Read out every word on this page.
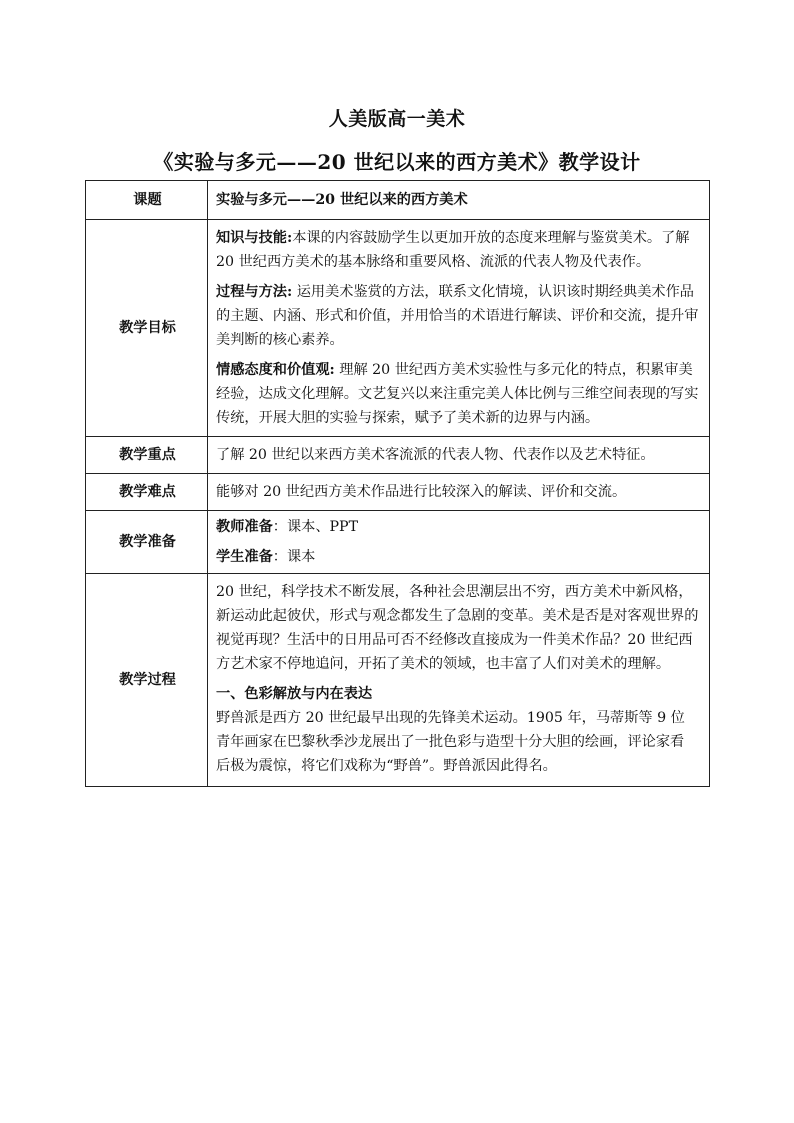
人美版高一美术
《实验与多元——20 世纪以来的西方美术》教学设计
课题	实验与多元——20 世纪以来的西方美术
教学目标	知识与技能:本课的内容鼓励学生以更加开放的态度来理解与鉴赏美术。了解 20 世纪西方美术的基本脉络和重要风格、流派的代表人物及代表作。

过程与方法: 运用美术鉴赏的方法，联系文化情境，认识该时期经典美术作品的主题、内涵、形式和价值，并用恰当的术语进行解读、评价和交流，提升审美判断的核心素养。

情感态度和价值观: 理解 20 世纪西方美术实验性与多元化的特点，积累审美经验，达成文化理解。文艺复兴以来注重完美人体比例与三维空间表现的写实传统，开展大胆的实验与探索，赋予了美术新的边界与内涵。

教学重点	了解 20 世纪以来西方美术客流派的代表人物、代表作以及艺术特征。
教学难点	能够对 20 世纪西方美术作品进行比较深入的解读、评价和交流。
教学准备	教师准备：课本、PPT

学生准备：课本

教学过程	20 世纪，科学技术不断发展，各种社会思潮层出不穷，西方美术中新风格，新运动此起彼伏，形式与观念都发生了急剧的变革。美术是否是对客观世界的视觉再现？生活中的日用品可否不经修改直接成为一件美术作品？20 世纪西方艺术家不停地追问，开拓了美术的领域，也丰富了人们对美术的理解。

一、色彩解放与内在表达

野兽派是西方 20 世纪最早出现的先锋美术运动。1905 年，马蒂斯等 9 位青年画家在巴黎秋季沙龙展出了一批色彩与造型十分大胆的绘画，评论家看后极为震惊，将它们戏称为“野兽”。野兽派因此得名。
